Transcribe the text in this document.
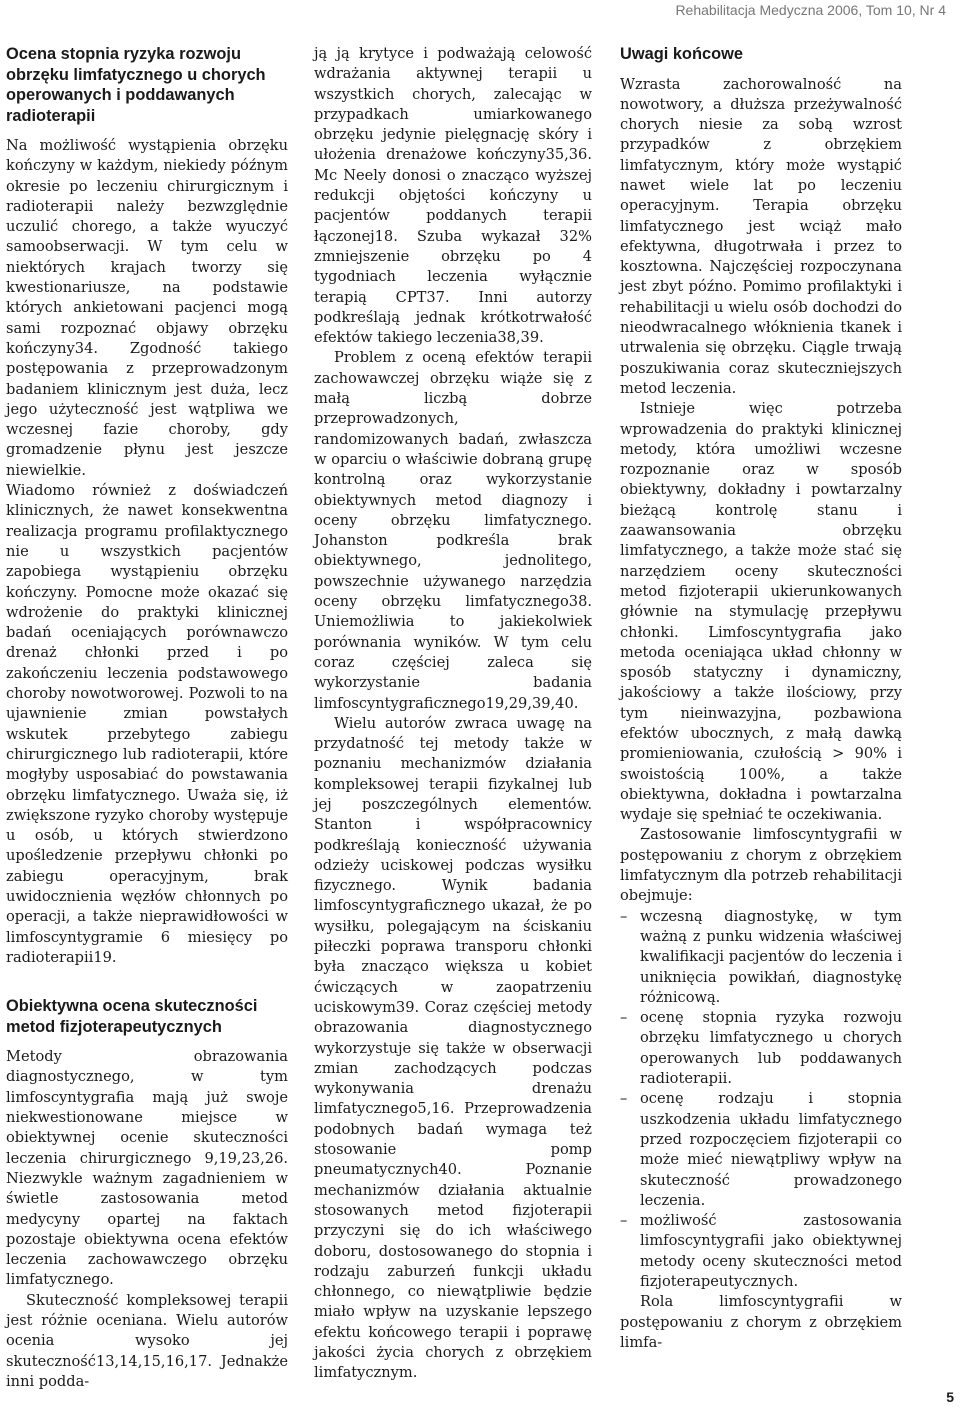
Rehabilitacja Medyczna 2006, Tom 10, Nr 4
Ocena stopnia ryzyka rozwoju obrzęku limfatycznego u chorych operowanych i poddawanych radioterapii

Na możliwość wystąpienia obrzęku kończyny w każdym, niekiedy późnym okresie po leczeniu chirurgicznym i radioterapii należy bezwzględnie uczulić chorego, a także wyuczyć samoobserwacji. W tym celu w niektórych krajach tworzy się kwestionariusze, na podstawie których ankietowani pacjenci mogą sami rozpoznać objawy obrzęku kończyny34. Zgodność takiego postępowania z przeprowadzonym badaniem klinicznym jest duża, lecz jego użyteczność jest wątpliwa we wczesnej fazie choroby, gdy gromadzenie płynu jest jeszcze niewielkie.

Wiadomo również z doświadczeń klinicznych, że nawet konsekwentna realizacja programu profilaktycznego nie u wszystkich pacjentów zapobiega wystąpieniu obrzęku kończyny. Pomocne może okazać się wdrożenie do praktyki klinicznej badań oceniających porównawczo drenaż chłonki przed i po zakończeniu leczenia podstawowego choroby nowotworowej. Pozwoli to na ujawnienie zmian powstałych wskutek przebytego zabiegu chirurgicznego lub radioterapii, które mogłyby usposabiać do powstawania obrzęku limfatycznego. Uważa się, iż zwiększone ryzyko choroby występuje u osób, u których stwierdzono upośledzenie przepływu chłonki po zabiegu operacyjnym, brak uwidocznienia węzłów chłonnych po operacji, a także nieprawidłowości w limfoscyntygramie 6 miesięcy po radioterapii19.

Obiektywna ocena skuteczności metod fizjoterapeutycznych

Metody obrazowania diagnostycznego, w tym limfoscyntygrafia mają już swoje niekwestionowane miejsce w obiektywnej ocenie skuteczności leczenia chirurgicznego 9,19,23,26. Niezwykle ważnym zagadnieniem w świetle zastosowania metod medycyny opartej na faktach pozostaje obiektywna ocena efektów leczenia zachowawczego obrzęku limfatycznego.

Skuteczność kompleksowej terapii jest różnie oceniana. Wielu autorów ocenia wysoko jej skuteczność13,14,15,16,17. Jednakże inni podda-

ją ją krytyce i podważają celowość wdrażania aktywnej terapii u wszystkich chorych, zalecając w przypadkach umiarkowanego obrzęku jedynie pielęgnację skóry i ułożenia drenażowe kończyny35,36. Mc Neely donosi o znacząco wyższej redukcji objętości kończyny u pacjentów poddanych terapii łączonej18. Szuba wykazał 32% zmniejszenie obrzęku po 4 tygodniach leczenia wyłącznie terapią CPT37. Inni autorzy podkreślają jednak krótkotrwałość efektów takiego leczenia38,39.

Problem z oceną efektów terapii zachowawczej obrzęku wiąże się z małą liczbą dobrze przeprowadzonych, randomizowanych badań, zwłaszcza w oparciu o właściwie dobraną grupę kontrolną oraz wykorzystanie obiektywnych metod diagnozy i oceny obrzęku limfatycznego. Johanston podkreśla brak obiektywnego, jednolitego, powszechnie używanego narzędzia oceny obrzęku limfatycznego38. Uniemożliwia to jakiekolwiek porównania wyników. W tym celu coraz częściej zaleca się wykorzystanie badania limfoscyntygraficznego19,29,39,40.

Wielu autorów zwraca uwagę na przydatność tej metody także w poznaniu mechanizmów działania kompleksowej terapii fizykalnej lub jej poszczególnych elementów. Stanton i współpracownicy podkreślają konieczność używania odzieży uciskowej podczas wysiłku fizycznego. Wynik badania limfoscyntygraficznego ukazał, że po wysiłku, polegającym na ściskaniu piłeczki poprawa transporu chłonki była znacząco większa u kobiet ćwiczących w zaopatrzeniu uciskowym39. Coraz częściej metody obrazowania diagnostycznego wykorzystuje się także w obserwacji zmian zachodzących podczas wykonywania drenażu limfatycznego5,16. Przeprowadzenia podobnych badań wymaga też stosowanie pomp pneumatycznych40. Poznanie mechanizmów działania aktualnie stosowanych metod fizjoterapii przyczyni się do ich właściwego doboru, dostosowanego do stopnia i rodzaju zaburzeń funkcji układu chłonnego, co niewątpliwie będzie miało wpływ na uzyskanie lepszego efektu końcowego terapii i poprawę jakości życia chorych z obrzękiem limfatycznym.

Uwagi końcowe

Wzrasta zachorowalność na nowotwory, a dłuższa przeżywalność chorych niesie za sobą wzrost przypadków z obrzękiem limfatycznym, który może wystąpić nawet wiele lat po leczeniu operacyjnym. Terapia obrzęku limfatycznego jest wciąż mało efektywna, długotrwała i przez to kosztowna. Najczęściej rozpoczynana jest zbyt późno. Pomimo profilaktyki i rehabilitacji u wielu osób dochodzi do nieodwracalnego włóknienia tkanek i utrwalenia się obrzęku. Ciągle trwają poszukiwania coraz skuteczniejszych metod leczenia.

Istnieje więc potrzeba wprowadzenia do praktyki klinicznej metody, która umożliwi wczesne rozpoznanie oraz w sposób obiektywny, dokładny i powtarzalny bieżącą kontrolę stanu i zaawansowania obrzęku limfatycznego, a także może stać się narzędziem oceny skuteczności metod fizjoterapii ukierunkowanych głównie na stymulację przepływu chłonki. Limfoscyntygrafia jako metoda oceniająca układ chłonny w sposób statyczny i dynamiczny, jakościowy a także ilościowy, przy tym nieinwazyjna, pozbawiona efektów ubocznych, z małą dawką promieniowania, czułością > 90% i swoistością 100%, a także obiektywna, dokładna i powtarzalna wydaje się spełniać te oczekiwania.

Zastosowanie limfoscyntygrafii w postępowaniu z chorym z obrzękiem limfatycznym dla potrzeb rehabilitacji obejmuje:

– wczesną diagnostykę, w tym ważną z punku widzenia właściwej kwalifikacji pacjentów do leczenia i uniknięcia powikłań, diagnostykę różnicową.
– ocenę stopnia ryzyka rozwoju obrzęku limfatycznego u chorych operowanych lub poddawanych radioterapii.
– ocenę rodzaju i stopnia uszkodzenia układu limfatycznego przed rozpoczęciem fizjoterapii co może mieć niewątpliwy wpływ na skuteczność prowadzonego leczenia.
– możliwość zastosowania limfoscyntygrafii jako obiektywnej metody oceny skuteczności metod fizjoterapeutycznych.

Rola limfoscyntygrafii w postępowaniu z chorym z obrzękiem limfa-

5
